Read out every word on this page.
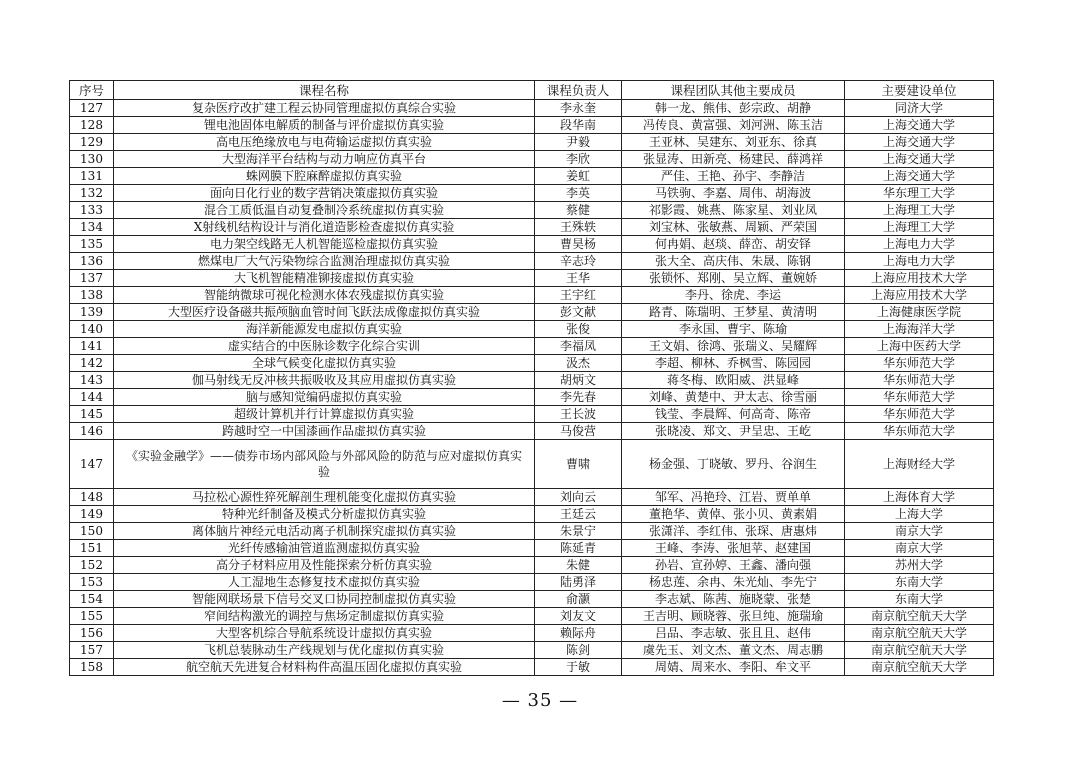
序号	课程名称	课程负责人	课程团队其他主要成员	主要建设单位
127	复杂医疗改扩建工程云协同管理虚拟仿真综合实验	李永奎	韩一龙、熊伟、彭宗政、胡静	同济大学
128	锂电池固体电解质的制备与评价虚拟仿真实验	段华南	冯传良、黄富强、刘河洲、陈玉洁	上海交通大学
129	高电压绝缘放电与电荷输运虚拟仿真实验	尹毅	王亚林、吴建东、刘亚东、徐真	上海交通大学
130	大型海洋平台结构与动力响应仿真平台	李欣	张显涛、田新亮、杨建民、薛鸿祥	上海交通大学
131	蛛网膜下腔麻醉虚拟仿真实验	姜虹	严佳、王艳、孙宇、李静洁	上海交通大学
132	面向日化行业的数字营销决策虚拟仿真实验	李英	马铁驹、李嘉、周伟、胡海波	华东理工大学
133	混合工质低温自动复叠制冷系统虚拟仿真实验	蔡健	祁影霞、姚燕、陈家星、刘业凤	上海理工大学
134	X射线机结构设计与消化道造影检查虚拟仿真实验	王殊轶	刘宝林、张敏燕、周颖、严荣国	上海理工大学
135	电力架空线路无人机智能巡检虚拟仿真实验	曹昊杨	何冉娟、赵琰、薛峦、胡安铎	上海电力大学
136	燃煤电厂大气污染物综合监测治理虚拟仿真实验	辛志玲	张大全、高庆伟、朱晟、陈钢	上海电力大学
137	大飞机智能精准铆接虚拟仿真实验	王华	张锁怀、郑刚、吴立辉、董婉娇	上海应用技术大学
138	智能纳微球可视化检测水体农残虚拟仿真实验	王宇红	李丹、徐虎、李运	上海应用技术大学
139	大型医疗设备磁共振颅脑血管时间飞跃法成像虚拟仿真实验	彭文献	路青、陈瑞明、王梦星、黄清明	上海健康医学院
140	海洋新能源发电虚拟仿真实验	张俊	李永国、曹宇、陈瑜	上海海洋大学
141	虚实结合的中医脉诊数字化综合实训	李福凤	王文娟、徐鸿、张瑞义、吴耀辉	上海中医药大学
142	全球气候变化虚拟仿真实验	汲杰	李超、柳林、乔枫雪、陈园园	华东师范大学
143	伽马射线无反冲核共振吸收及其应用虚拟仿真实验	胡炳文	蒋冬梅、欧阳威、洪显峰	华东师范大学
144	脑与感知觉编码虚拟仿真实验	李先春	刘峰、黄楚中、尹太志、徐雪丽	华东师范大学
145	超级计算机并行计算虚拟仿真实验	王长波	钱莹、李晨辉、何高奇、陈帝	华东师范大学
146	跨越时空一中国漆画作品虚拟仿真实验	马俊营	张晓凌、郑文、尹呈忠、王屹	华东师范大学
147	《实验金融学》——债券市场内部风险与外部风险的防范与应对虚拟仿真实验	曹啸	杨金强、丁晓敏、罗丹、谷润生	上海财经大学
148	马拉松心源性猝死解剖生理机能变化虚拟仿真实验	刘向云	邹军、冯艳玲、江岩、贾单单	上海体育大学
149	特种光纤制备及模式分析虚拟仿真实验	王廷云	董艳华、黄倬、张小贝、黄素娟	上海大学
150	离体脑片神经元电活动离子机制探究虚拟仿真实验	朱景宁	张潇洋、李红伟、张琛、唐惠炜	南京大学
151	光纤传感输油管道监测虚拟仿真实验	陈延青	王峰、李涛、张旭苹、赵建国	南京大学
152	高分子材料应用及性能探索分析仿真实验	朱健	孙岩、宣孙婷、王鑫、潘向强	苏州大学
153	人工湿地生态修复技术虚拟仿真实验	陆勇泽	杨忠莲、余冉、朱光灿、李先宁	东南大学
154	智能网联场景下信号交叉口协同控制虚拟仿真实验	俞灏	李志斌、陈茜、施晓蒙、张楚	东南大学
155	窄间结构激光的调控与焦场定制虚拟仿真实验	刘友文	王吉明、顾晓蓉、张旦纯、施瑞瑜	南京航空航天大学
156	大型客机综合导航系统设计虚拟仿真实验	赖际舟	吕品、李志敏、张且且、赵伟	南京航空航天大学
157	飞机总装脉动生产线规划与优化虚拟仿真实验	陈剑	虞先玉、刘文杰、董文杰、周志鹏	南京航空航天大学
158	航空航天先进复合材料构件高温压固化虚拟仿真实验	于敏	周婧、周来水、李阳、牟文平	南京航空航天大学
— 35 —
